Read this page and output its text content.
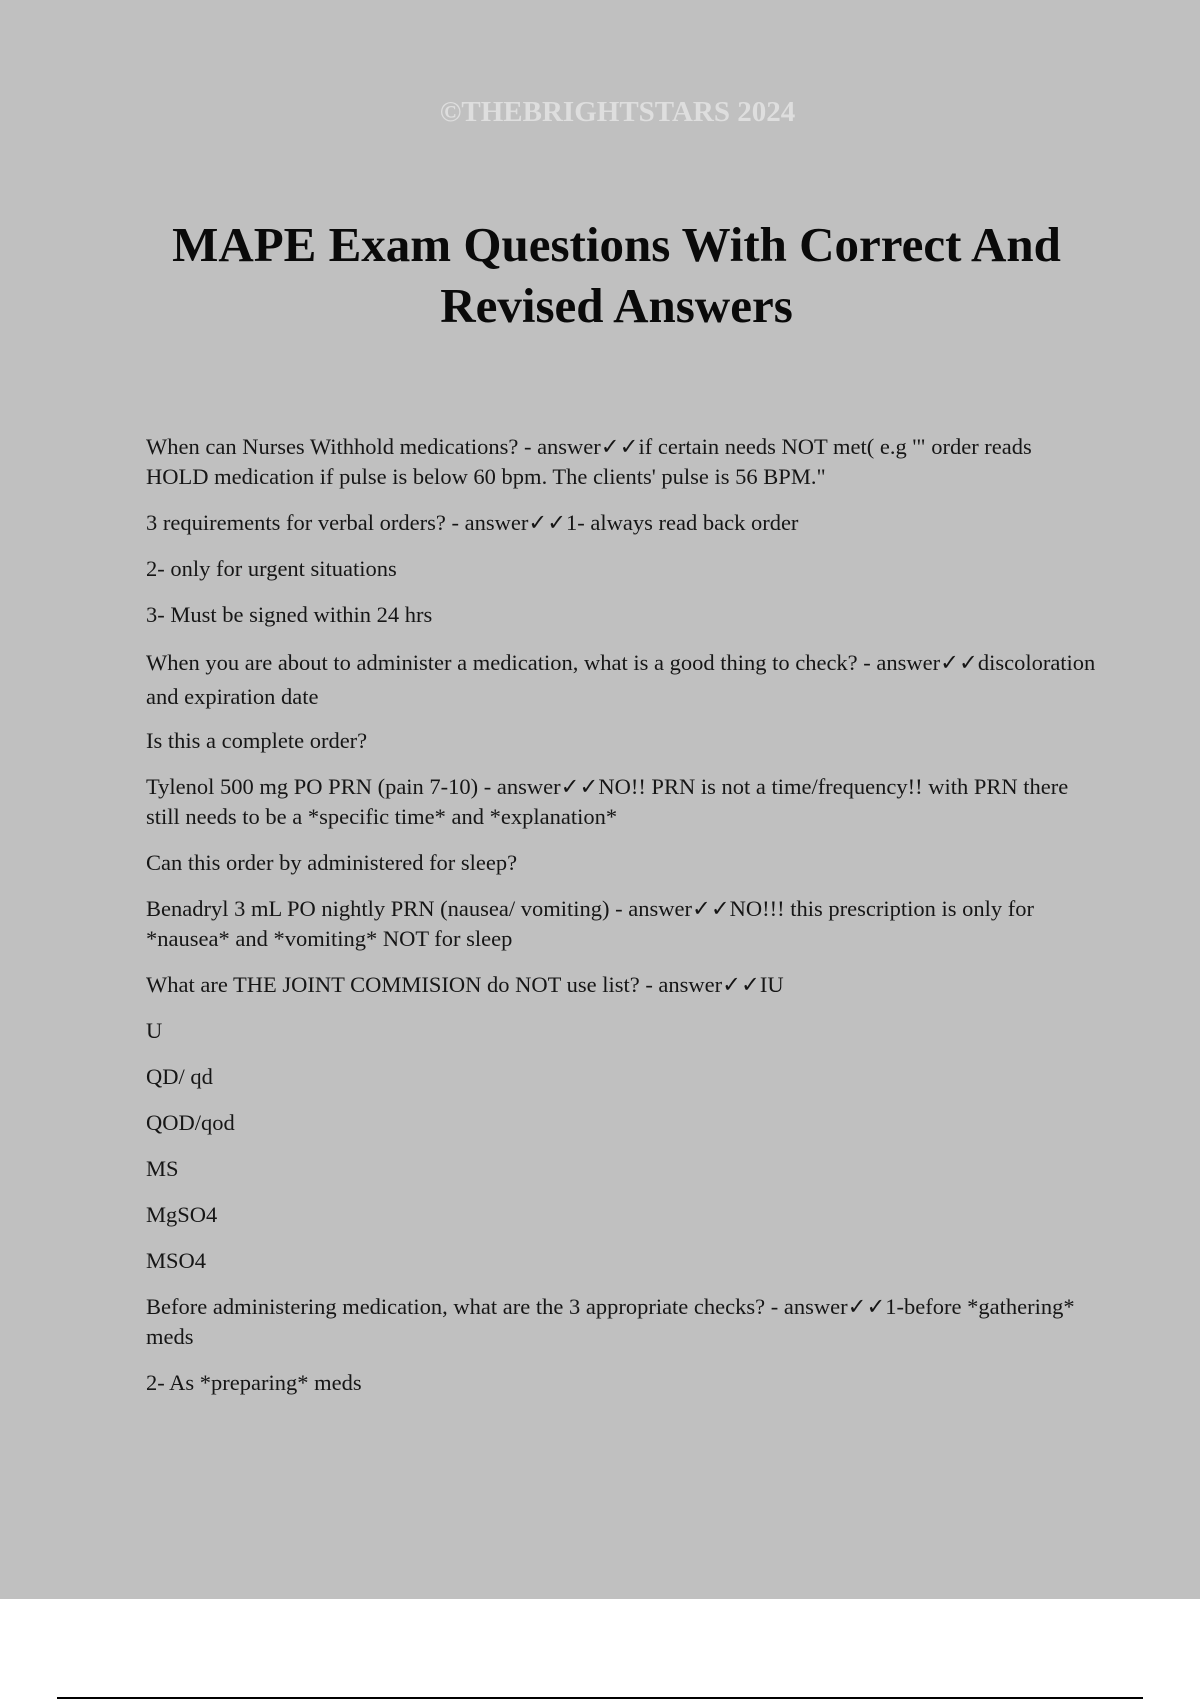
©THEBRIGHTSTARS 2024
MAPE Exam Questions With Correct And Revised Answers

When can Nurses Withhold medications? - answer✓✓if certain needs NOT met( e.g '" order reads HOLD medication if pulse is below 60 bpm. The clients' pulse is 56 BPM."

3 requirements for verbal orders? - answer✓✓1- always read back order

2- only for urgent situations

3- Must be signed within 24 hrs

When you are about to administer a medication, what is a good thing to check? - answer✓✓discoloration and expiration date

Is this a complete order?

Tylenol 500 mg PO PRN (pain 7-10) - answer✓✓NO!! PRN is not a time/frequency!! with PRN there still needs to be a *specific time* and *explanation*

Can this order by administered for sleep?

Benadryl 3 mL PO nightly PRN (nausea/ vomiting) - answer✓✓NO!!! this prescription is only for *nausea* and *vomiting* NOT for sleep

What are THE JOINT COMMISION do NOT use list? - answer✓✓IU

U

QD/ qd

QOD/qod

MS

MgSO4

MSO4

Before administering medication, what are the 3 appropriate checks? - answer✓✓1-before *gathering* meds

2- As *preparing* meds
